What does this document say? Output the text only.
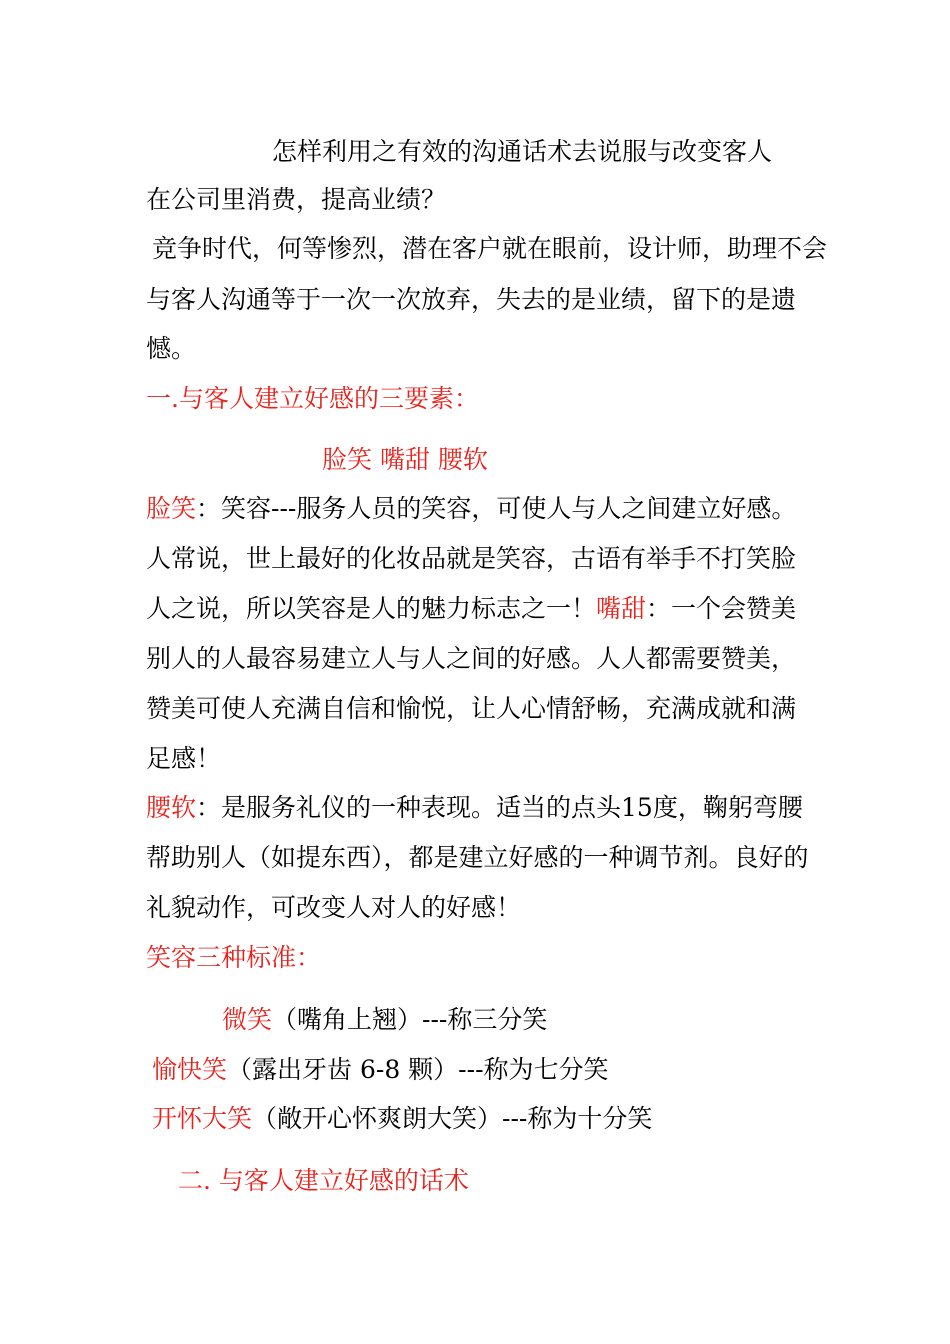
怎样利用之有效的沟通话术去说服与改变客人

在公司里消费，提高业绩？

竞争时代，何等惨烈，潜在客户就在眼前，设计师，助理不会

与客人沟通等于一次一次放弃，失去的是业绩，留下的是遗

憾。

一.与客人建立好感的三要素：

脸笑 嘴甜 腰软

脸笑：笑容---服务人员的笑容，可使人与人之间建立好感。

人常说，世上最好的化妆品就是笑容，古语有举手不打笑脸

人之说，所以笑容是人的魅力标志之一！嘴甜：一个会赞美

别人的人最容易建立人与人之间的好感。人人都需要赞美，

赞美可使人充满自信和愉悦，让人心情舒畅，充满成就和满

足感！

腰软：是服务礼仪的一种表现。适当的点头15度，鞠躬弯腰

帮助别人（如提东西），都是建立好感的一种调节剂。良好的

礼貌动作，可改变人对人的好感！

笑容三种标准：

微笑（嘴角上翘）---称三分笑

愉快笑（露出牙齿 6-8 颗）---称为七分笑

开怀大笑（敞开心怀爽朗大笑）---称为十分笑

二. 与客人建立好感的话术
